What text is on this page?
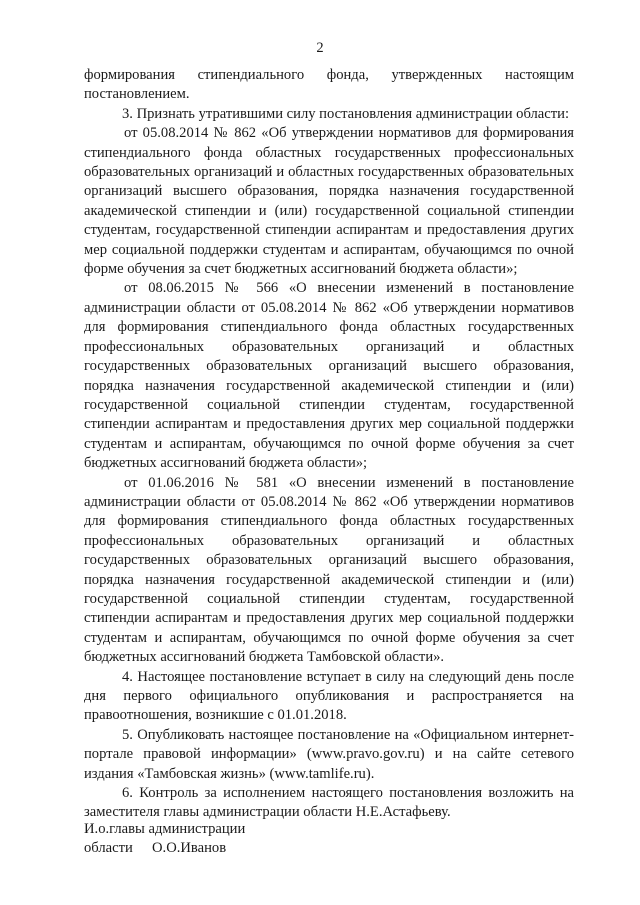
2

формирования стипендиального фонда, утвержденных настоящим постановлением.

3. Признать утратившими силу постановления администрации области:

от 05.08.2014 № 862 «Об утверждении нормативов для формирования стипендиального фонда областных государственных профессиональных образовательных организаций и областных государственных образовательных организаций высшего образования, порядка назначения государственной академической стипендии и (или) государственной социальной стипендии студентам, государственной стипендии аспирантам и предоставления других мер социальной поддержки студентам и аспирантам, обучающимся по очной форме обучения за счет бюджетных ассигнований бюджета области»;

от 08.06.2015 № 566 «О внесении изменений в постановление администрации области от 05.08.2014 № 862 «Об утверждении нормативов для формирования стипендиального фонда областных государственных профессиональных образовательных организаций и областных государственных образовательных организаций высшего образования, порядка назначения государственной академической стипендии и (или) государственной социальной стипендии студентам, государственной стипендии аспирантам и предоставления других мер социальной поддержки студентам и аспирантам, обучающимся по очной форме обучения за счет бюджетных ассигнований бюджета области»;

от 01.06.2016 № 581 «О внесении изменений в постановление администрации области от 05.08.2014 № 862 «Об утверждении нормативов для формирования стипендиального фонда областных государственных профессиональных образовательных организаций и областных государственных образовательных организаций высшего образования, порядка назначения государственной академической стипендии и (или) государственной социальной стипендии студентам, государственной стипендии аспирантам и предоставления других мер социальной поддержки студентам и аспирантам, обучающимся по очной форме обучения за счет бюджетных ассигнований бюджета Тамбовской области».

4. Настоящее постановление вступает в силу на следующий день после дня первого официального опубликования и распространяется на правоотношения, возникшие с 01.01.2018.

5. Опубликовать настоящее постановление на «Официальном интернет-портале правовой информации» (www.pravo.gov.ru) и на сайте сетевого издания «Тамбовская жизнь» (www.tamlife.ru).

6. Контроль за исполнением настоящего постановления возложить на заместителя главы администрации области Н.Е.Астафьеву.

И.о.главы администрации
области О.О.Иванов
